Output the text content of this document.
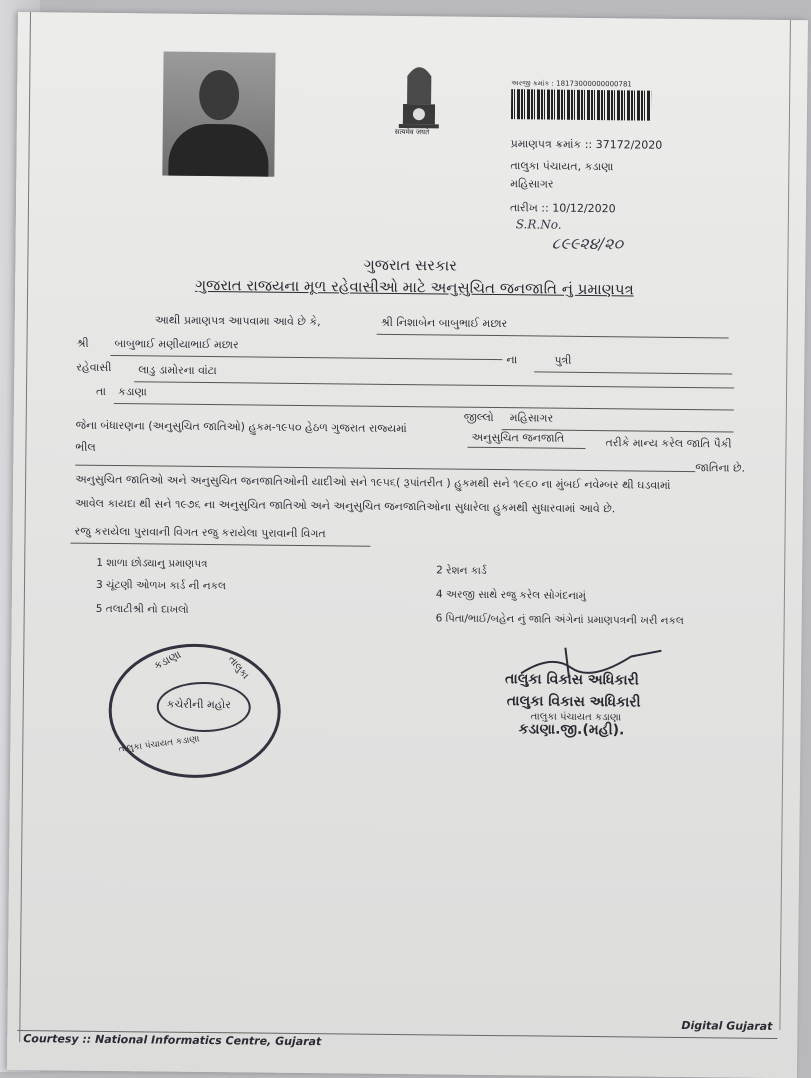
सत्यमेव जयते
અરજી ક્રમાંક : 18173000000000781
પ્રમાણપત્ર ક્રમાંક :: 37172/2020
તાલુકા પંચાયત, કડાણા
મહિસાગર
તારીખ :: 10/12/2020
S.R.No.
૮૯૯૨૪/૨૦
ગુજરાત સરકાર
ગુજરાત રાજયના મૂળ રહેવાસીઓ માટે અનુસુચિત જનજાતિ નું પ્રમાણપત્ર
આથી પ્રમાણપત્ર આપવામા આવે છે કે,	શ્રી નિશાબેન બાબુભાઈ મછાર
શ્રી બાબુભાઈ મણીયાભાઈ મછાર
ના	પુત્રી
રહેવાસી લાડુ ડામોરના વાંટા
તા કડાણા
જીલ્લો મહિસાગર
જેના બંધારણના (અનુસુચિત જાતિઓ) હુકમ-૧૯૫૦ હેઠળ ગુજરાત રાજ્યમાં
અનુસુચિત જનજાતિ	તરીકે માન્ય કરેલ જાતિ પૈકી
ભીલ
જાતિના છે.
અનુસુચિત જાતિઓ અને અનુસુચિત જનજાતિઓની યાદીઓ સને ૧૯૫૬( રૂપાંતરીત ) હુકમથી સને ૧૯૬૦ ના મુંબઈ નવેમ્બર થી ઘડવામાં
આવેલ કાયદા થી સને ૧૯૭૬ ના અનુસુચિત જાતિઓ અને અનુસુચિત જનજાતિઓના સુધારેલા હુકમથી સુધારવામાં આવે છે.
રજુ કરાયેલા પુરાવાની વિગત રજુ કરાયેલા પુરાવાની વિગત
1 શાળા છોડ્યાનુ પ્રમાણપત્ર
2 રેશન કાર્ડ
3 ચૂંટણી ઓળખ કાર્ડ ની નકલ
4 અરજી સાથે રજુ કરેલ સોગંદનામું
5 તલાટીશ્રી નો દાખલો
6 પિતા/ભાઈ/બહેન નું જાતિ અંગેનાં પ્રમાણપત્રની ખરી નકલ
કડાણા	તાલુકા
કચેરીની મહોર
તાલુકા પંચાયત કડાણા
તાલુકા વિકાસ અધિકારી
તાલુકા વિકાસ અધિકારી
તાલુકા પંચાયત કડાણા
કડાણા.જી.(મહી).
Courtesy :: National Informatics Centre, Gujarat
Digital Gujarat
